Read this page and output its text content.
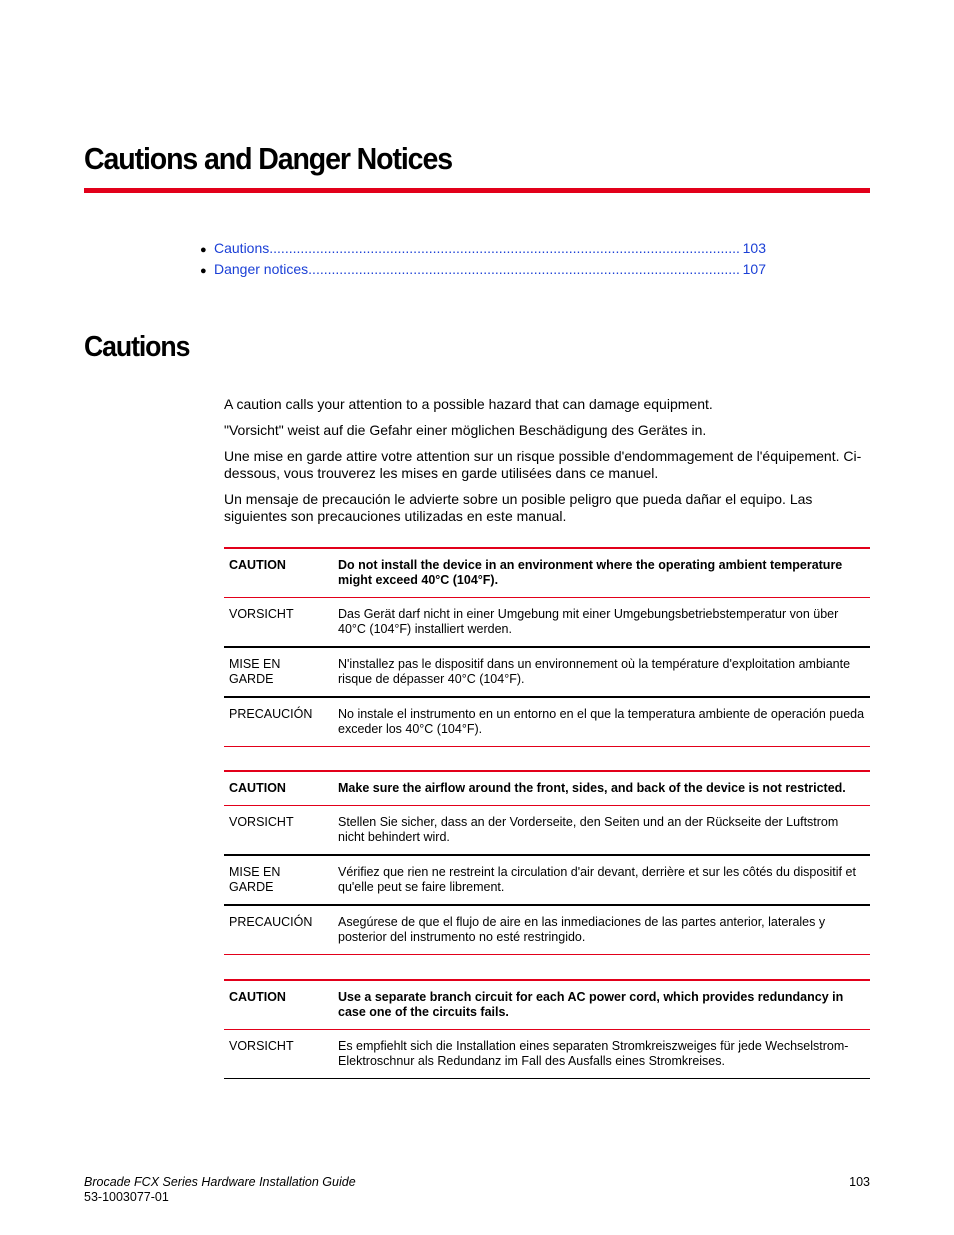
Cautions and Danger Notices
● Cautions .....	103
● Danger notices .....	107
Cautions

A caution calls your attention to a possible hazard that can damage equipment.

"Vorsicht" weist auf die Gefahr einer möglichen Beschädigung des Gerätes in.

Une mise en garde attire votre attention sur un risque possible d'endommagement de l'équipement. Ci-dessous, vous trouverez les mises en garde utilisées dans ce manuel.

Un mensaje de precaución le advierte sobre un posible peligro que pueda dañar el equipo. Las siguientes son precauciones utilizadas en este manual.

CAUTION	Do not install the device in an environment where the operating ambient temperature might exceed 40°C (104°F).
VORSICHT	Das Gerät darf nicht in einer Umgebung mit einer Umgebungsbetriebstemperatur von über 40°C (104°F) installiert werden.
MISE EN GARDE	N'installez pas le dispositif dans un environnement où la température d'exploitation ambiante risque de dépasser 40°C (104°F).
PRECAUCIÓN	No instale el instrumento en un entorno en el que la temperatura ambiente de operación pueda exceder los 40°C (104°F).
CAUTION	Make sure the airflow around the front, sides, and back of the device is not restricted.
VORSICHT	Stellen Sie sicher, dass an der Vorderseite, den Seiten und an der Rückseite der Luftstrom nicht behindert wird.
MISE EN GARDE	Vérifiez que rien ne restreint la circulation d'air devant, derrière et sur les côtés du dispositif et qu'elle peut se faire librement.
PRECAUCIÓN	Asegúrese de que el flujo de aire en las inmediaciones de las partes anterior, laterales y posterior del instrumento no esté restringido.
CAUTION	Use a separate branch circuit for each AC power cord, which provides redundancy in case one of the circuits fails.
VORSICHT	Es empfiehlt sich die Installation eines separaten Stromkreiszweiges für jede Wechselstrom-Elektroschnur als Redundanz im Fall des Ausfalls eines Stromkreises.
Brocade FCX Series Hardware Installation Guide
53-1003077-01
103
